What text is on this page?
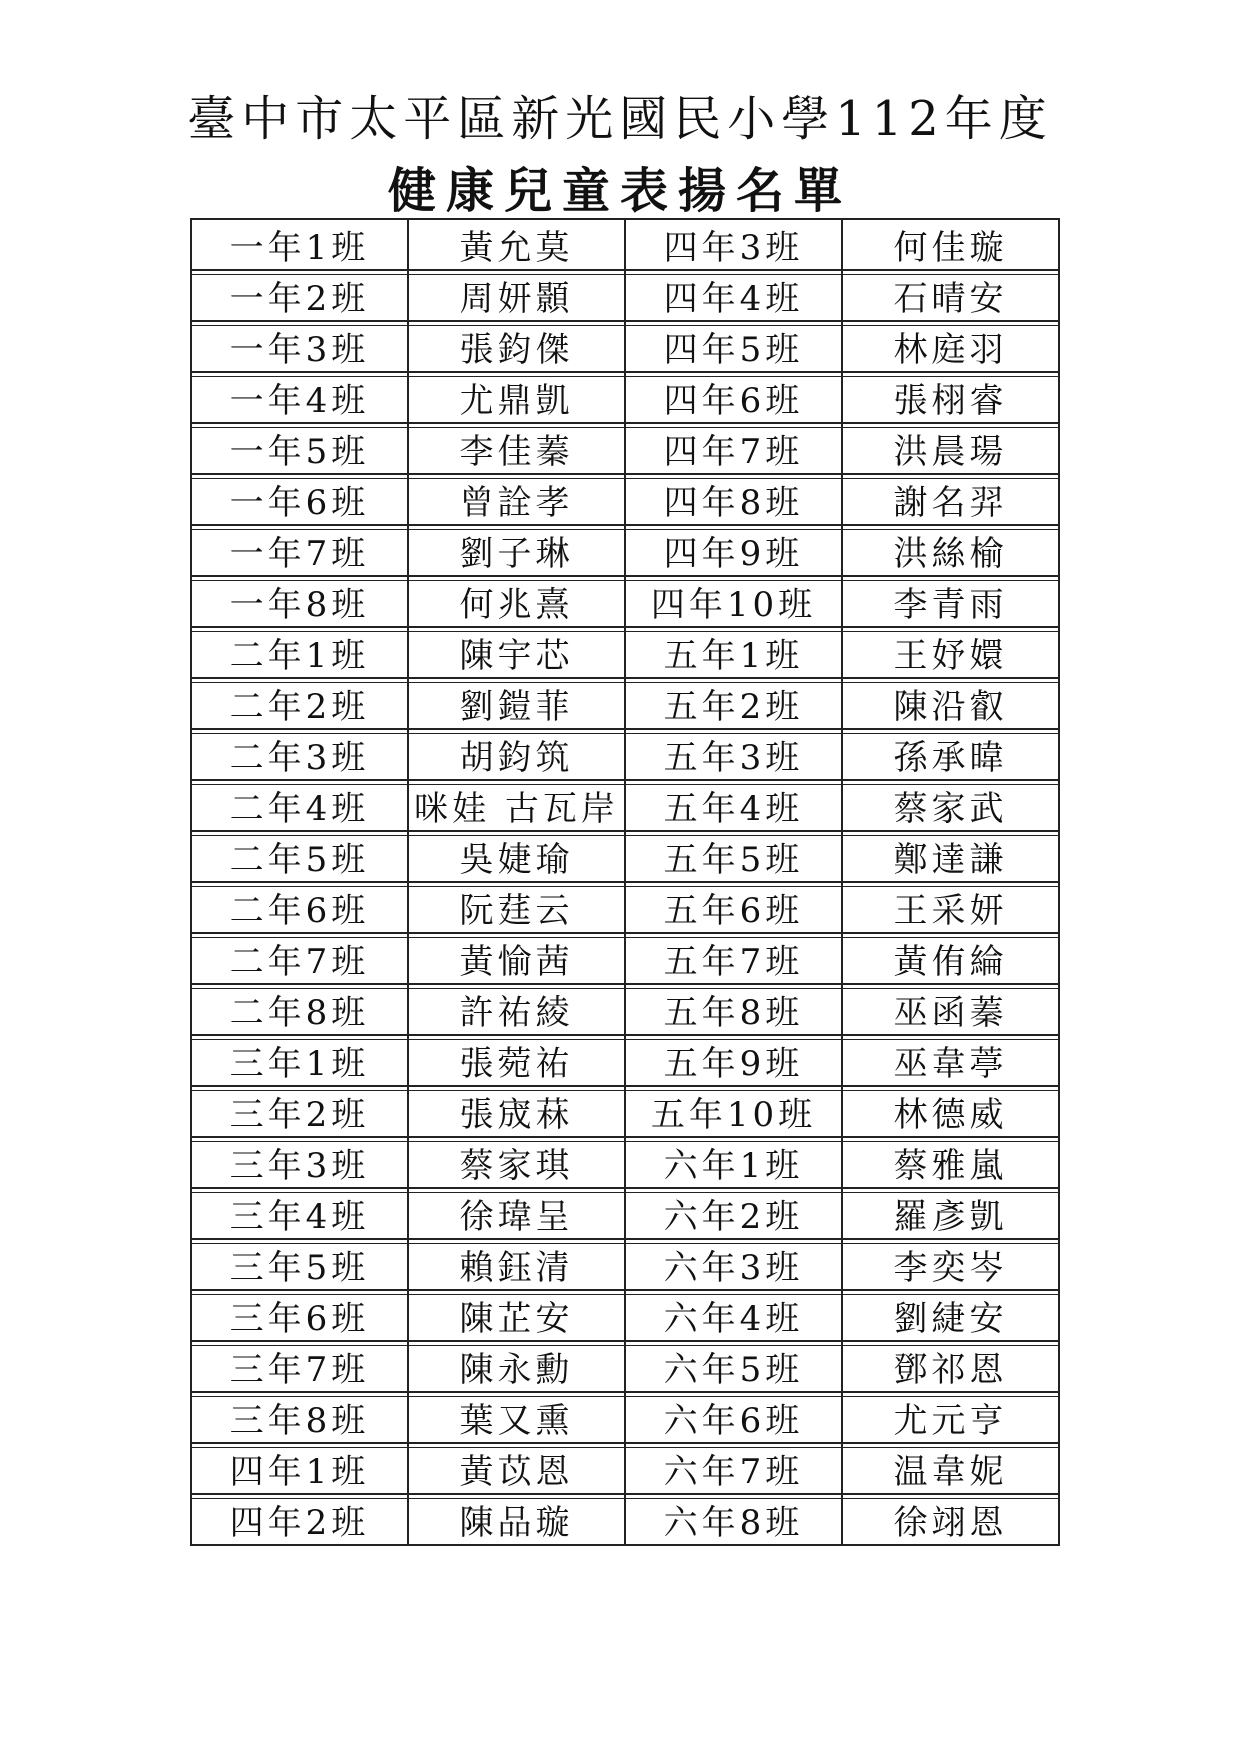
臺中市太平區新光國民小學112年度
健康兒童表揚名單
一年1班	黃允莫	四年3班	何佳璇
一年2班	周妍顥	四年4班	石晴安
一年3班	張鈞傑	四年5班	林庭羽
一年4班	尤鼎凱	四年6班	張栩睿
一年5班	李佳蓁	四年7班	洪晨瑒
一年6班	曾詮孝	四年8班	謝名羿
一年7班	劉子琳	四年9班	洪絲榆
一年8班	何兆熹	四年10班	李青雨
二年1班	陳宇芯	五年1班	王妤嬛
二年2班	劉鎧菲	五年2班	陳沿叡
二年3班	胡鈞筑	五年3班	孫承暐
二年4班	咪娃 古瓦岸	五年4班	蔡家武
二年5班	吳婕瑜	五年5班	鄭達謙
二年6班	阮莛云	五年6班	王采妍
二年7班	黃愉茜	五年7班	黃侑綸
二年8班	許祐綾	五年8班	巫函蓁
三年1班	張菀祐	五年9班	巫韋葶
三年2班	張宬菻	五年10班	林德威
三年3班	蔡家琪	六年1班	蔡雅嵐
三年4班	徐瑋呈	六年2班	羅彥凱
三年5班	賴鈺清	六年3班	李奕岑
三年6班	陳芷安	六年4班	劉緁安
三年7班	陳永勳	六年5班	鄧祁恩
三年8班	葉又熏	六年6班	尤元亨
四年1班	黃苡恩	六年7班	温韋妮
四年2班	陳品璇	六年8班	徐翊恩
